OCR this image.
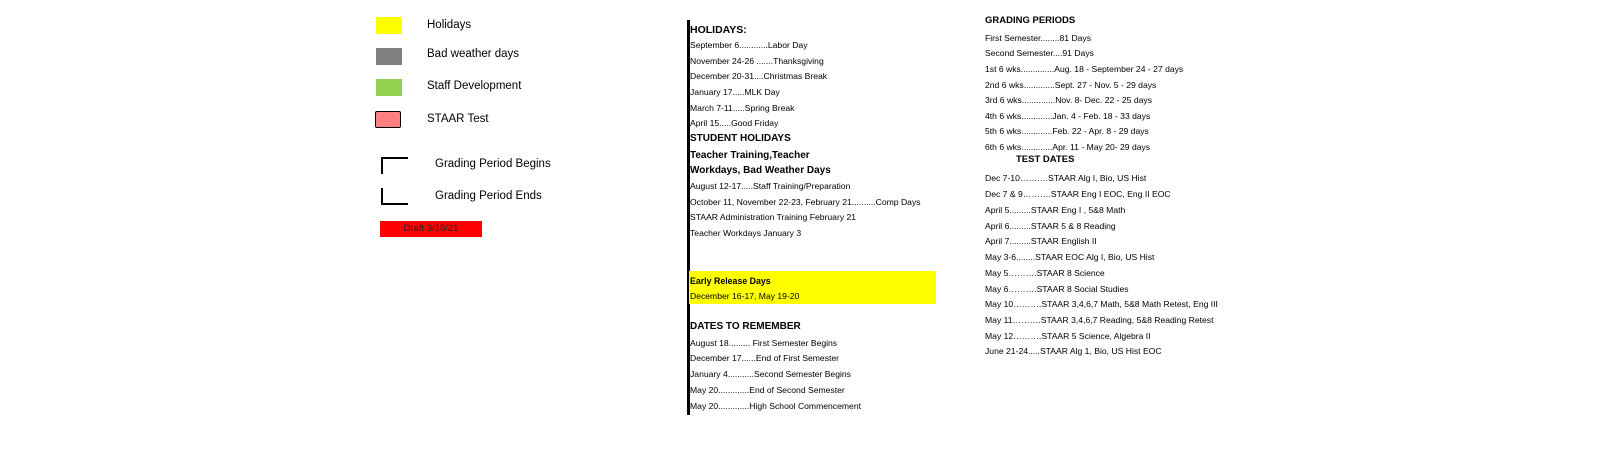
Holidays
Bad weather days
Staff Development
STAAR Test
Grading Period Begins
Grading Period Ends
Draft 3/18/21
HOLIDAYS:
September 6............Labor Day
November 24-26 .......Thanksgiving
December 20-31....Christmas Break
January 17.....MLK Day
March 7-11.....Spring Break
April 15.....Good Friday
STUDENT HOLIDAYS
Teacher Training,Teacher
Workdays, Bad Weather Days
August 12-17.....Staff Training/Preparation
October 11, November 22-23, February 21..........Comp Days
STAAR Administration Training February 21
Teacher Workdays January 3
Early Release Days
December 16-17, May 19-20
DATES TO REMEMBER
August 18......... First Semester Begins
December 17......End of First Semester
January 4...........Second Semester Begins
May 20.............End of Second Semester
May 20.............High School Commencement
GRADING PERIODS
First Semester........81 Days
Second Semester....91 Days
1st 6 wks..............Aug. 18 - September 24 - 27 days
2nd 6 wks.............Sept. 27 - Nov. 5 - 29 days
3rd 6 wks..............Nov. 8- Dec. 22 - 25 days
4th 6 wks.............Jan. 4 - Feb. 18 - 33 days
5th 6 wks.............Feb. 22 - Apr. 8 - 29 days
6th 6 wks.............Apr. 11 - May 20- 29 days
TEST DATES
Dec 7-10……….STAAR Alg I, Bio, US Hist
Dec 7 & 9……….STAAR Eng I EOC, Eng II EOC
April 5.........STAAR Eng I , 5&8 Math
April 6.........STAAR 5 & 8 Reading
April 7.........STAAR English II
May 3-6........STAAR EOC Alg I, Bio, US Hist
May 5……….STAAR 8 Science
May 6……….STAAR 8 Social Studies
May 10……….STAAR 3,4,6,7 Math, 5&8 Math Retest, Eng III
May 11……….STAAR 3,4,6,7 Reading, 5&8 Reading Retest
May 12……….STAAR 5 Science, Algebra II
June 21-24.....STAAR Alg 1, Bio, US Hist EOC
